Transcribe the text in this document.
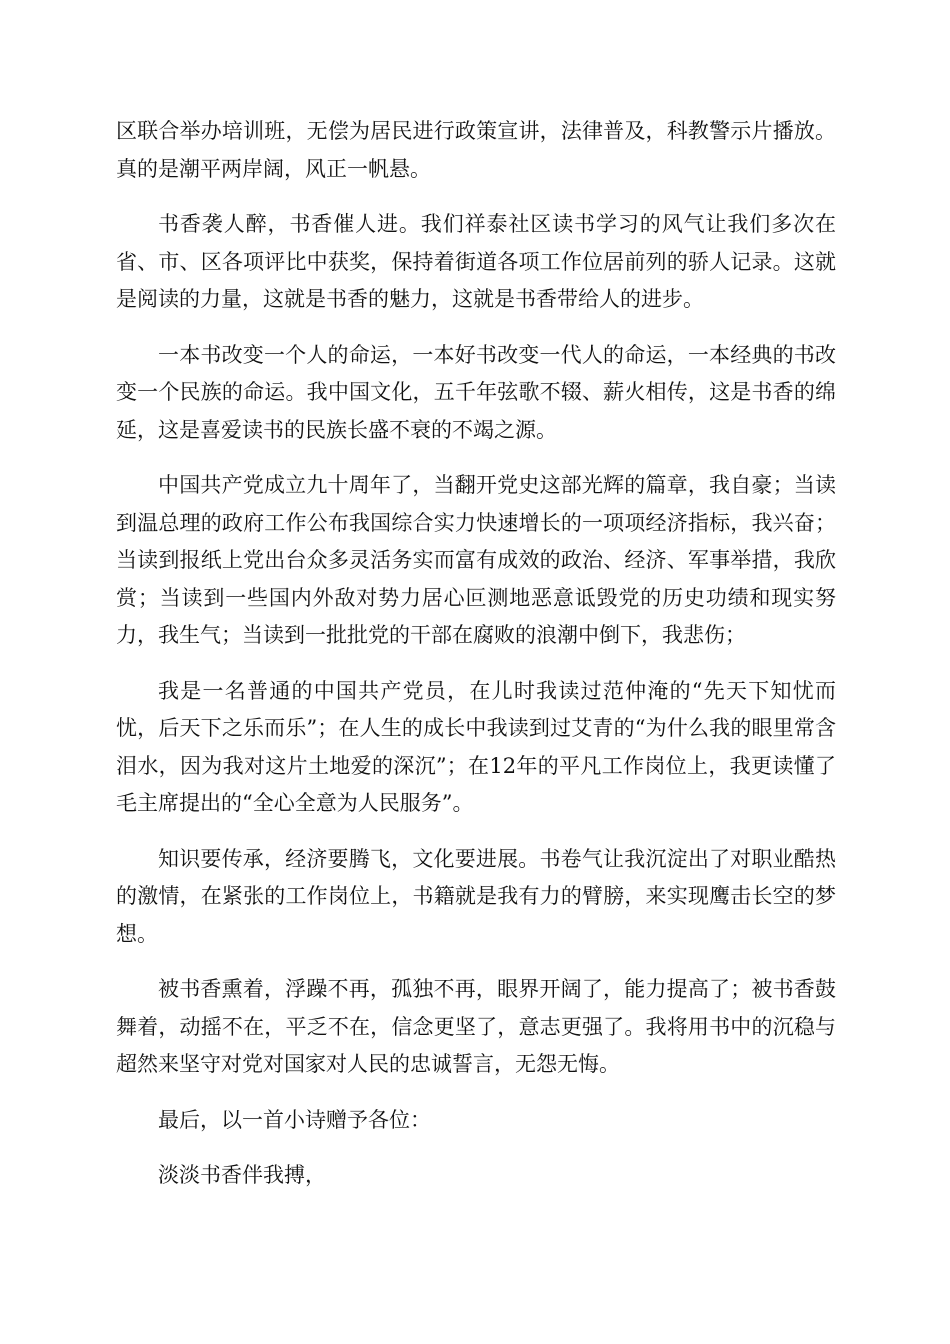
区联合举办培训班，无偿为居民进行政策宣讲，法律普及，科教警示片播放。真的是潮平两岸阔，风正一帆悬。

书香袭人醉，书香催人进。我们祥泰社区读书学习的风气让我们多次在省、市、区各项评比中获奖，保持着街道各项工作位居前列的骄人记录。这就是阅读的力量，这就是书香的魅力，这就是书香带给人的进步。

一本书改变一个人的命运，一本好书改变一代人的命运，一本经典的书改变一个民族的命运。我中国文化，五千年弦歌不辍、薪火相传，这是书香的绵延，这是喜爱读书的民族长盛不衰的不竭之源。

中国共产党成立九十周年了，当翻开党史这部光辉的篇章，我自豪；当读到温总理的政府工作公布我国综合实力快速增长的一项项经济指标，我兴奋；当读到报纸上党出台众多灵活务实而富有成效的政治、经济、军事举措，我欣赏；当读到一些国内外敌对势力居心叵测地恶意诋毁党的历史功绩和现实努力，我生气；当读到一批批党的干部在腐败的浪潮中倒下，我悲伤；

我是一名普通的中国共产党员，在儿时我读过范仲淹的“先天下知忧而忧，后天下之乐而乐”；在人生的成长中我读到过艾青的“为什么我的眼里常含泪水，因为我对这片土地爱的深沉”；在12年的平凡工作岗位上，我更读懂了毛主席提出的“全心全意为人民服务”。

知识要传承，经济要腾飞，文化要进展。书卷气让我沉淀出了对职业酷热的激情，在紧张的工作岗位上，书籍就是我有力的臂膀，来实现鹰击长空的梦想。

被书香熏着，浮躁不再，孤独不再，眼界开阔了，能力提高了；被书香鼓舞着，动摇不在，平乏不在，信念更坚了，意志更强了。我将用书中的沉稳与超然来坚守对党对国家对人民的忠诚誓言，无怨无悔。

最后，以一首小诗赠予各位：

淡淡书香伴我搏，
